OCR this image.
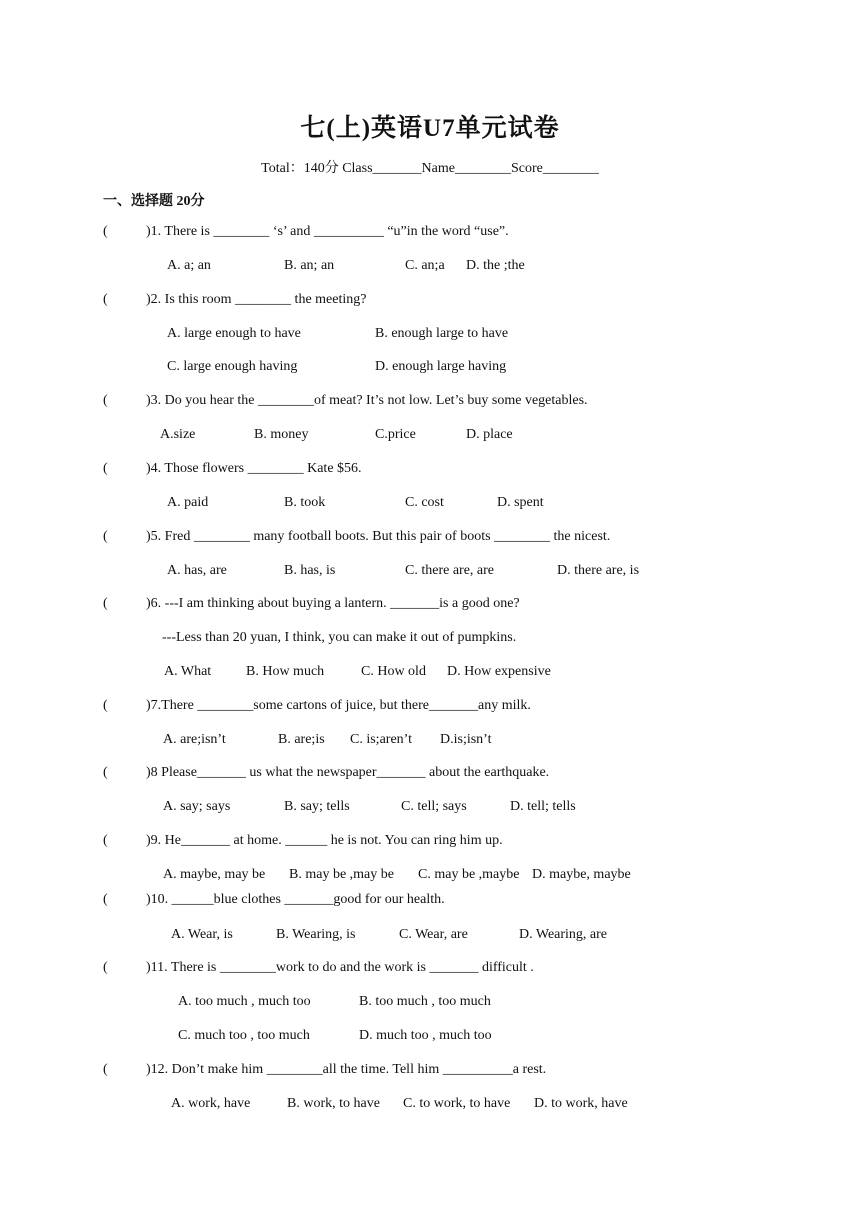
七(上)英语U7单元试卷
Total：140分 Class_______Name________Score________
一、选择题 20分
(	)1. There is ________ ‘s’ and __________ “u”in the word “use”.
A. a; an	B. an; an	C. an;a D. the ;the
(	)2. Is this room ________ the meeting?
A. large enough to have	B. enough large to have
C. large enough having	D. enough large having
(	)3. Do you hear the ________of meat? It’s not low. Let’s buy some vegetables.
A.size	B. money	C.price	D. place
(	)4. Those flowers ________ Kate $56.
A. paid	B. took	C. cost	D. spent
(	)5. Fred ________ many football boots. But this pair of boots ________ the nicest.
A. has, are	B. has, is	C. there are, are	D. there are, is
(	)6. ---I am thinking about buying a lantern. _______is a good one?
---Less than 20 yuan, I think, you can make it out of pumpkins.
A. What B. How much	C. How old D. How expensive
(	)7.There ________some cartons of juice, but there_______any milk.
A. are;isn’t	B. are;is C. is;aren’t D.is;isn’t
(	)8 Please_______ us what the newspaper_______ about the earthquake.
A. say; says	B. say; tells	C. tell; says	D. tell; tells
(	)9. He_______ at home. ______ he is not. You can ring him up.
A. maybe, may be B. may be ,may be C. may be ,maybe D. maybe, maybe
(	)10. ______blue clothes _______good for our health.
A. Wear, is	B. Wearing, is	C. Wear, are	D. Wearing, are
(	)11. There is ________work to do and the work is _______ difficult .
A. too much , much too	B. too much , too much
C. much too , too much	D. much too , much too
(	)12. Don’t make him ________all the time. Tell him __________a rest.
A. work, have	B. work, to have C. to work, to have D. to work, have
